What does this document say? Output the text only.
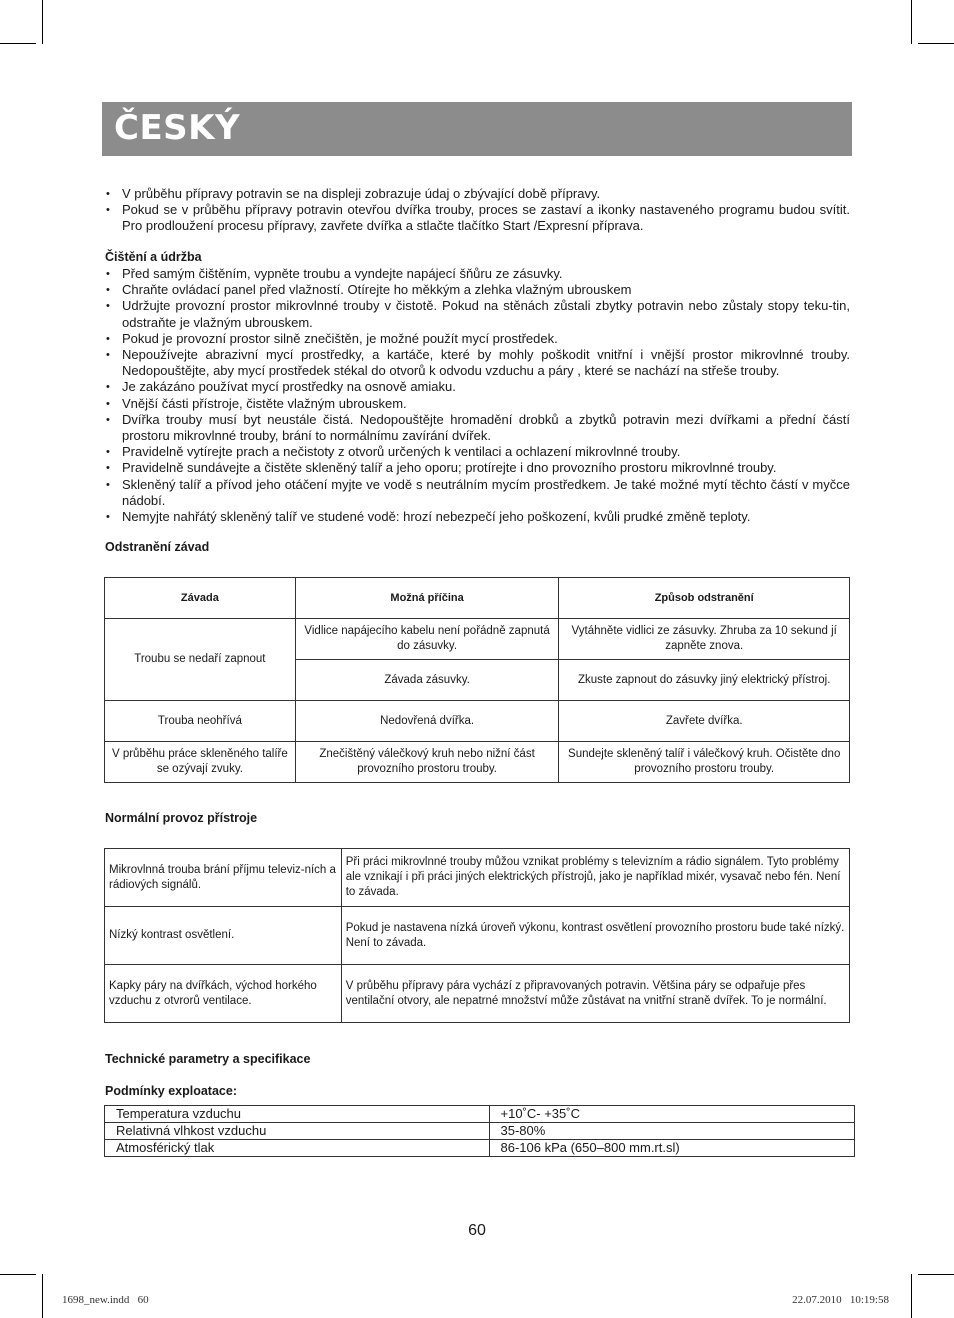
ČESKÝ
• V průběhu přípravy potravin se na displeji zobrazuje údaj o zbývající době přípravy.
• Pokud se v průběhu přípravy potravin otevřou dvířka trouby, proces se zastaví a ikonky nastaveného programu budou svítit. Pro prodloužení procesu přípravy, zavřete dvířka a stlačte tlačítko Start /Expresní příprava.
Čištění a údržba
• Před samým čištěním, vypněte troubu a vyndejte napájecí šňůru ze zásuvky.
• Chraňte ovládací panel před vlažností. Otírejte ho měkkým a zlehka vlažným ubrouskem
• Udržujte provozní prostor mikrovlnné trouby v čistotě. Pokud na stěnách zůstali zbytky potravin nebo zůstaly stopy teku-tin, odstraňte je vlažným ubrouskem.
• Pokud je provozní prostor silně znečištěn, je možné použít mycí prostředek.
• Nepoužívejte abrazivní mycí prostředky, a kartáče, které by mohly poškodit vnitřní i vnější prostor mikrovlnné trouby. Nedopouštějte, aby mycí prostředek stékal do otvorů k odvodu vzduchu a páry , které se nachází na střeše trouby.
• Je zakázáno používat mycí prostředky na osnově amiaku.
• Vnější části přístroje, čistěte vlažným ubrouskem.
• Dvířka trouby musí byt neustále čistá. Nedopouštějte hromadění drobků a zbytků potravin mezi dvířkami a přední částí prostoru mikrovlnné trouby, brání to normálnímu zavírání dvířek.
• Pravidelně vytírejte prach a nečistoty z otvorů určených k ventilaci a ochlazení mikrovlnné trouby.
• Pravidelně sundávejte a čistěte skleněný talíř a jeho oporu; protírejte i dno provozního prostoru mikrovlnné trouby.
• Skleněný talíř a přívod jeho otáčení myjte ve vodě s neutrálním mycím prostředkem. Je také možné mytí těchto částí v myčce nádobí.
• Nemyjte nahřátý skleněný talíř ve studené vodě: hrozí nebezpečí jeho poškození, kvůli prudké změně teploty.
Odstranění závad
Závada	Možná příčina	Způsob odstranění
Troubu se nedaří zapnout	Vidlice napájecího kabelu není pořádně zapnutá do zásuvky.	Vytáhněte vidlici ze zásuvky. Zhruba za 10 sekund jí zapněte znova.
	Závada zásuvky.	Zkuste zapnout do zásuvky jiný elektrický přístroj.
Trouba neohřívá	Nedovřená dvířka.	Zavřete dvířka.
V průběhu práce skleněného talíře se ozývají zvuky.	Znečištěný válečkový kruh nebo nižní část provozního prostoru trouby.	Sundejte skleněný talíř i válečkový kruh. Očistěte dno provozního prostoru trouby.
Normální provoz přístroje
Mikrovlnná trouba brání příjmu televiz-ních a rádiových signálů.	Při práci mikrovlnné trouby můžou vznikat problémy s televizním a rádio signálem. Tyto problémy ale vznikají i při práci jiných elektrických přístrojů, jako je například mixér, vysavač nebo fén. Není to závada.
Nízký kontrast osvětlení.	Pokud je nastavena nízká úroveň výkonu, kontrast osvětlení provozního prostoru bude také nízký. Není to závada.
Kapky páry na dvířkách, východ horkého vzduchu z otvrorů ventilace.	V průběhu přípravy pára vychází z připravovaných potravin. Většina páry se odpařuje přes ventilační otvory, ale nepatrné množství může zůstávat na vnitřní straně dvířek. To je normální.
Technické parametry a specifikace
Podmínky exploatace:
Temperatura vzduchu	+10˚C- +35˚C
Relativná vlhkost vzduchu	35-80%
Atmosférický tlak	86-106 kPa (650–800 mm.rt.sl)
60
1698_new.indd   60	22.07.2010   10:19:58
